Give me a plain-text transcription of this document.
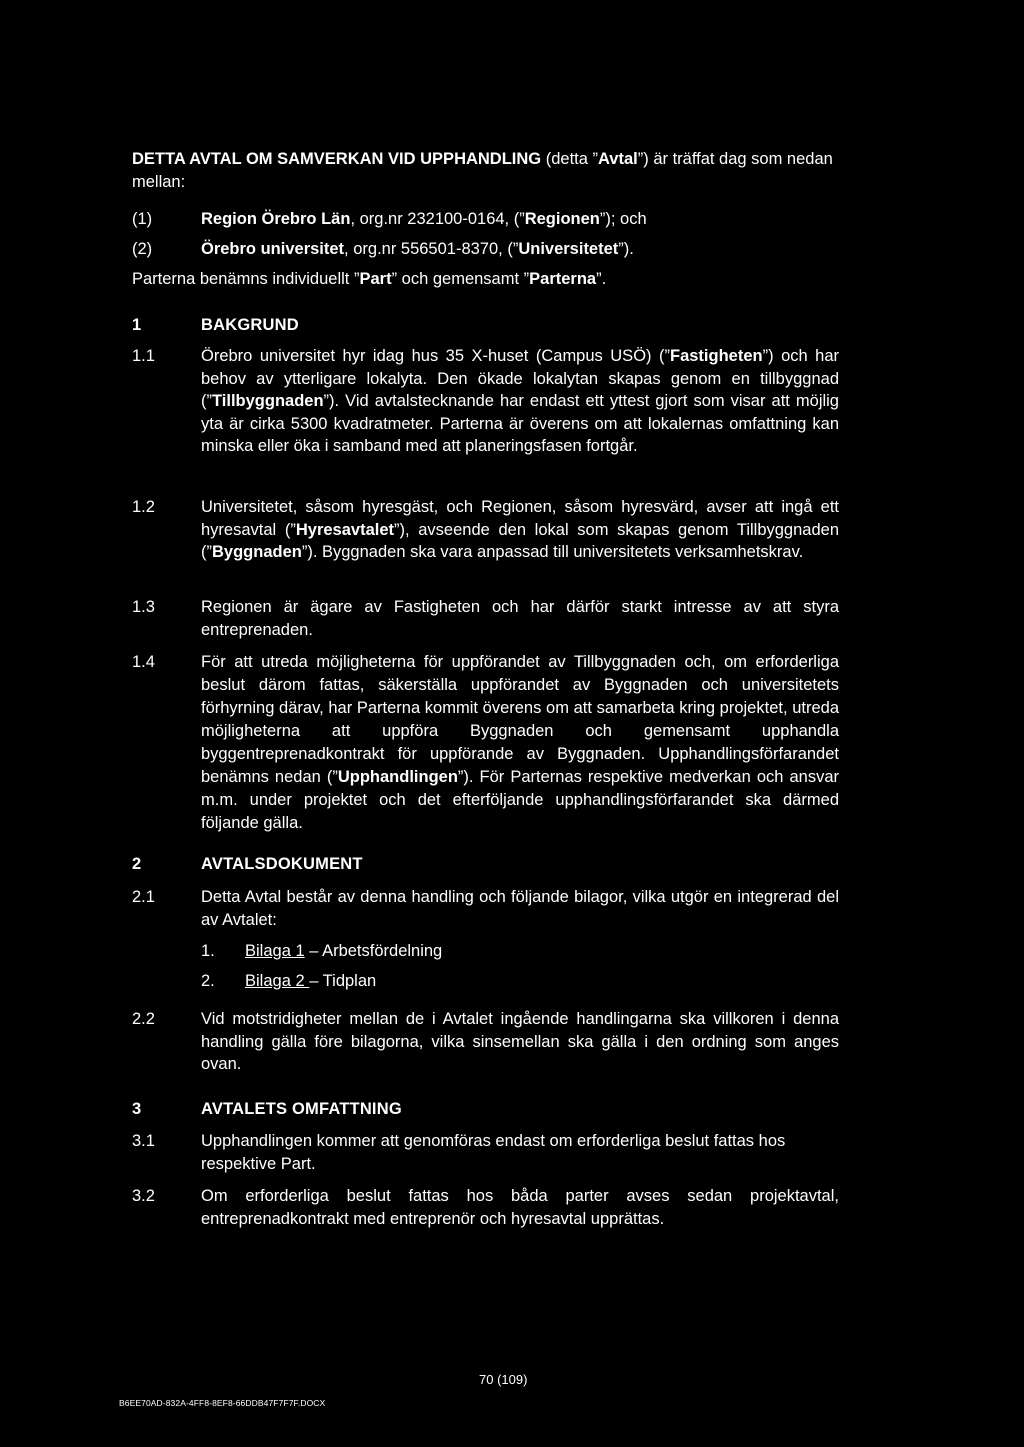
DETTA AVTAL OM SAMVERKAN VID UPPHANDLING (detta ”Avtal”) är träffat dag som nedan mellan:
(1)	Region Örebro Län, org.nr 232100-0164, (”Regionen”); och
(2)	Örebro universitet, org.nr 556501-8370, (”Universitetet”).
Parterna benämns individuellt ”Part” och gemensamt ”Parterna”.
1	BAKGRUND
1.1	Örebro universitet hyr idag hus 35 X-huset (Campus USÖ) (”Fastigheten”) och har behov av ytterligare lokalyta. Den ökade lokalytan skapas genom en tillbyggnad (”Tillbyggnaden”). Vid avtalstecknande har endast ett yttest gjort som visar att möjlig yta är cirka 5300 kvadratmeter. Parterna är överens om att lokalernas omfattning kan minska eller öka i samband med att planeringsfasen fortgår.
1.2	Universitetet, såsom hyresgäst, och Regionen, såsom hyresvärd, avser att ingå ett hyresavtal (”Hyresavtalet”), avseende den lokal som skapas genom Tillbyggnaden (”Byggnaden”). Byggnaden ska vara anpassad till universitetets verksamhetskrav.
1.3	Regionen är ägare av Fastigheten och har därför starkt intresse av att styra entreprenaden.
1.4	För att utreda möjligheterna för uppförandet av Tillbyggnaden och, om erforderliga beslut därom fattas, säkerställa uppförandet av Byggnaden och universitetets förhyrning därav, har Parterna kommit överens om att samarbeta kring projektet, utreda möjligheterna att uppföra Byggnaden och gemensamt upphandla byggentreprenadkontrakt för uppförande av Byggnaden. Upphandlingsförfarandet benämns nedan (”Upphandlingen”). För Parternas respektive medverkan och ansvar m.m. under projektet och det efterföljande upphandlingsförfarandet ska därmed följande gälla.
2	AVTALSDOKUMENT
2.1	Detta Avtal består av denna handling och följande bilagor, vilka utgör en integrerad del av Avtalet:
1. Bilaga 1 – Arbetsfördelning
2. Bilaga 2 – Tidplan
2.2	Vid motstridigheter mellan de i Avtalet ingående handlingarna ska villkoren i denna handling gälla före bilagorna, vilka sinsemellan ska gälla i den ordning som anges ovan.
3	AVTALETS OMFATTNING
3.1	Upphandlingen kommer att genomföras endast om erforderliga beslut fattas hos respektive Part.
3.2	Om erforderliga beslut fattas hos båda parter avses sedan projektavtal, entreprenadkontrakt med entreprenör och hyresavtal upprättas.
70 (109)
B6EE70AD-832A-4FF8-8EF8-66DDB47F7F7F.DOCX
